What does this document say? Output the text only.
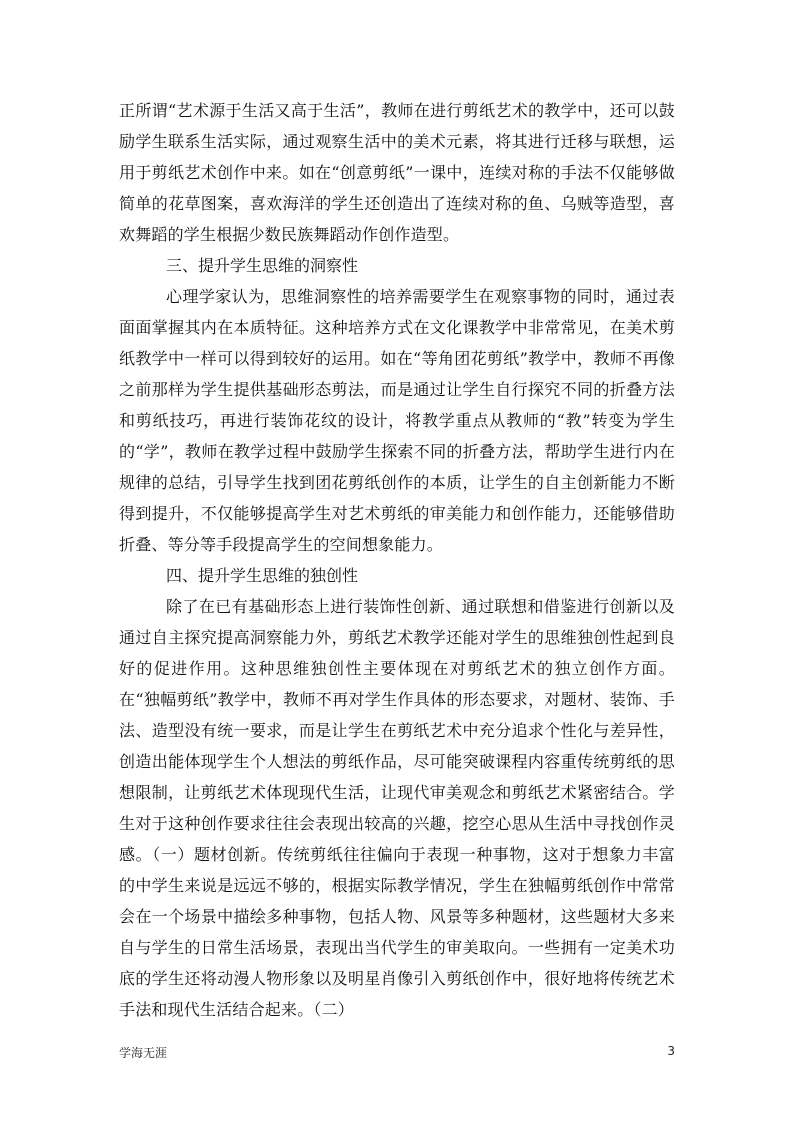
正所谓“艺术源于生活又高于生活”，教师在进行剪纸艺术的教学中，还可以鼓励学生联系生活实际，通过观察生活中的美术元素，将其进行迁移与联想，运用于剪纸艺术创作中来。如在“创意剪纸”一课中，连续对称的手法不仅能够做简单的花草图案，喜欢海洋的学生还创造出了连续对称的鱼、乌贼等造型，喜欢舞蹈的学生根据少数民族舞蹈动作创作造型。

三、提升学生思维的洞察性

心理学家认为，思维洞察性的培养需要学生在观察事物的同时，通过表面面掌握其内在本质特征。这种培养方式在文化课教学中非常常见，在美术剪纸教学中一样可以得到较好的运用。如在“等角团花剪纸”教学中，教师不再像之前那样为学生提供基础形态剪法，而是通过让学生自行探究不同的折叠方法和剪纸技巧，再进行装饰花纹的设计，将教学重点从教师的“教”转变为学生的“学”，教师在教学过程中鼓励学生探索不同的折叠方法，帮助学生进行内在规律的总结，引导学生找到团花剪纸创作的本质，让学生的自主创新能力不断得到提升，不仅能够提高学生对艺术剪纸的审美能力和创作能力，还能够借助折叠、等分等手段提高学生的空间想象能力。

四、提升学生思维的独创性

除了在已有基础形态上进行装饰性创新、通过联想和借鉴进行创新以及通过自主探究提高洞察能力外，剪纸艺术教学还能对学生的思维独创性起到良好的促进作用。这种思维独创性主要体现在对剪纸艺术的独立创作方面。在“独幅剪纸”教学中，教师不再对学生作具体的形态要求，对题材、装饰、手法、造型没有统一要求，而是让学生在剪纸艺术中充分追求个性化与差异性，创造出能体现学生个人想法的剪纸作品，尽可能突破课程内容重传统剪纸的思想限制，让剪纸艺术体现现代生活，让现代审美观念和剪纸艺术紧密结合。学生对于这种创作要求往往会表现出较高的兴趣，挖空心思从生活中寻找创作灵感。（一）题材创新。传统剪纸往往偏向于表现一种事物，这对于想象力丰富的中学生来说是远远不够的，根据实际教学情况，学生在独幅剪纸创作中常常会在一个场景中描绘多种事物，包括人物、风景等多种题材，这些题材大多来自与学生的日常生活场景，表现出当代学生的审美取向。一些拥有一定美术功底的学生还将动漫人物形象以及明星肖像引入剪纸创作中，很好地将传统艺术手法和现代生活结合起来。（二）

学海无涯	3
